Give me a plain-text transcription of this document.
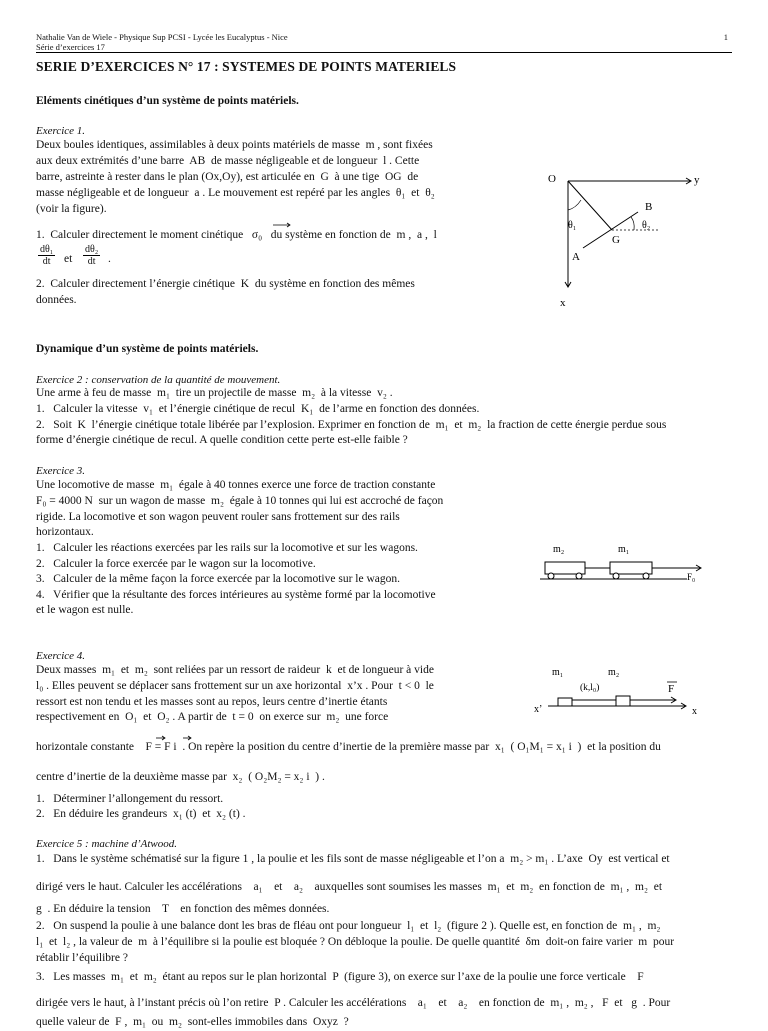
Nathalie Van de Wiele - Physique Sup PCSI - Lycée les Eucalyptus - Nice
Série d’exercices 17
1
SERIE D’EXERCICES N° 17 : SYSTEMES DE POINTS MATERIELS
Eléments cinétiques d’un système de points matériels.
Exercice 1.
Deux boules identiques, assimilables à deux points matériels de masse  m , sont fixées
aux deux extrémités d’une barre  AB  de masse négligeable et de longueur  l . Cette
barre, astreinte à rester dans le plan (Ox,Oy), est articulée en  G  à une tige  OG  de
masse négligeable et de longueur  a . Le mouvement est repéré par les angles  θ₁  et  θ₂
(voir la figure).
1.  Calculer directement le moment cinétique   σ₀   du système en fonction de  m ,  a ,  l
$\frac{\text{dθ₁}}{dt}$ et $\frac{\text{dθ₂}}{dt}$ .
2.  Calculer directement l’énergie cinétique  K  du système en fonction des mêmes
données.
O	y
x
A
B
G
θ₁	θ₂
Dynamique d’un système de points matériels.
Exercice 2 : conservation de la quantité de mouvement.
Une arme à feu de masse  m₁  tire un projectile de masse  m₂  à la vitesse  v₂ .
1.   Calculer la vitesse  v₁  et l’énergie cinétique de recul  K₁  de l’arme en fonction des données.
2.   Soit  K  l’énergie cinétique totale libérée par l’explosion. Exprimer en fonction de  m₁  et  m₂  la fraction de cette énergie perdue sous
forme d’énergie cinétique de recul. A quelle condition cette perte est-elle faible ?
Exercice 3.
Une locomotive de masse  m₁  égale à 40 tonnes exerce une force de traction constante
F₀ = 4000 N  sur un wagon de masse  m₂  égale à 10 tonnes qui lui est accroché de façon
rigide. La locomotive et son wagon peuvent rouler sans frottement sur des rails
horizontaux.
1.   Calculer les réactions exercées par les rails sur la locomotive et sur les wagons.
2.   Calculer la force exercée par le wagon sur la locomotive.
3.   Calculer de la même façon la force exercée par la locomotive sur le wagon.
4.   Vérifier que la résultante des forces intérieures au système formé par la locomotive
et le wagon est nulle.
m₂	m₁
F₀
Exercice 4.
Deux masses  m₁  et  m₂  sont reliées par un ressort de raideur  k  et de longueur à vide
l₀ . Elles peuvent se déplacer sans frottement sur un axe horizontal  x’x . Pour  t < 0  le
ressort est non tendu et les masses sont au repos, leurs centre d’inertie étants
respectivement en  O₁  et  O₂ . A partir de  t = 0  on exerce sur  m₂  une force
horizontale constante    F = F i  . On repère la position du centre d’inertie de la première masse par  x₁  ( O₁M₁ = x₁ i  )  et la position du
centre d’inertie de la deuxième masse par  x₂  ( O₂M₂ = x₂ i  ) .
1.   Déterminer l’allongement du ressort.
2.   En déduire les grandeurs  x₁ (t)  et  x₂ (t) .
m₁	m₂
(k,l₀)	F
x’	x
Exercice 5 : machine d’Atwood.
1.   Dans le système schématisé sur la figure 1 , la poulie et les fils sont de masse négligeable et l’on a  m₂ > m₁ . L’axe  Oy  est vertical et
dirigé vers le haut. Calculer les accélérations    a₁    et    a₂    auxquelles sont soumises les masses  m₁  et  m₂  en fonction de  m₁ ,  m₂  et
g  . En déduire la tension    T    en fonction des mêmes données.
2.   On suspend la poulie à une balance dont les bras de fléau ont pour longueur  l₁  et  l₂  (figure 2 ). Quelle est, en fonction de  m₁ ,  m₂
l₁  et  l₂ , la valeur de  m  à l’équilibre si la poulie est bloquée ? On débloque la poulie. De quelle quantité  δm  doit-on faire varier  m  pour
rétablir l’équilibre ?
3.   Les masses  m₁  et  m₂  étant au repos sur le plan horizontal  P  (figure 3), on exerce sur l’axe de la poulie une force verticale    F
dirigée vers le haut, à l’instant précis où l’on retire  P . Calculer les accélérations    a₁    et    a₂    en fonction de  m₁ ,  m₂ ,   F  et   g  . Pour
quelle valeur de  F ,  m₁  ou  m₂  sont-elles immobiles dans  Oxyz  ?
